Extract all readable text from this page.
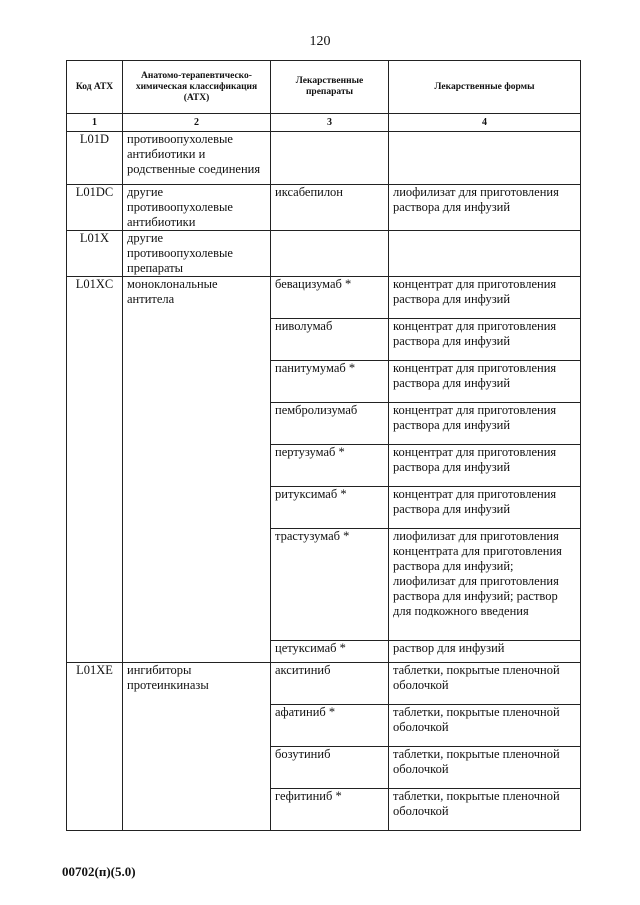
120
Код АТХ	Анатомо-терапевтическо-химическая классификация (АТХ)	Лекарственные препараты	Лекарственные формы
1	2	3	4
L01D	противоопухолевые антибиотики и родственные соединения		
L01DC	другие противоопухолевые антибиотики	иксабепилон	лиофилизат для приготовления раствора для инфузий
L01X	другие противоопухолевые препараты		
L01XC	моноклональные антитела	бевацизумаб *	концентрат для приготовления раствора для инфузий
		ниволумаб	концентрат для приготовления раствора для инфузий
		панитумумаб *	концентрат для приготовления раствора для инфузий
		пембролизумаб	концентрат для приготовления раствора для инфузий
		пертузумаб *	концентрат для приготовления раствора для инфузий
		ритуксимаб *	концентрат для приготовления раствора для инфузий
		трастузумаб *	лиофилизат для приготовления концентрата для приготовления раствора для инфузий; лиофилизат для приготовления раствора для инфузий; раствор для подкожного введения
		цетуксимаб *	раствор для инфузий
L01XE	ингибиторы протеинкиназы	акситиниб	таблетки, покрытые пленочной оболочкой
		афатиниб *	таблетки, покрытые пленочной оболочкой
		бозутиниб	таблетки, покрытые пленочной оболочкой
		гефитиниб *	таблетки, покрытые пленочной оболочкой
00702(п)(5.0)
